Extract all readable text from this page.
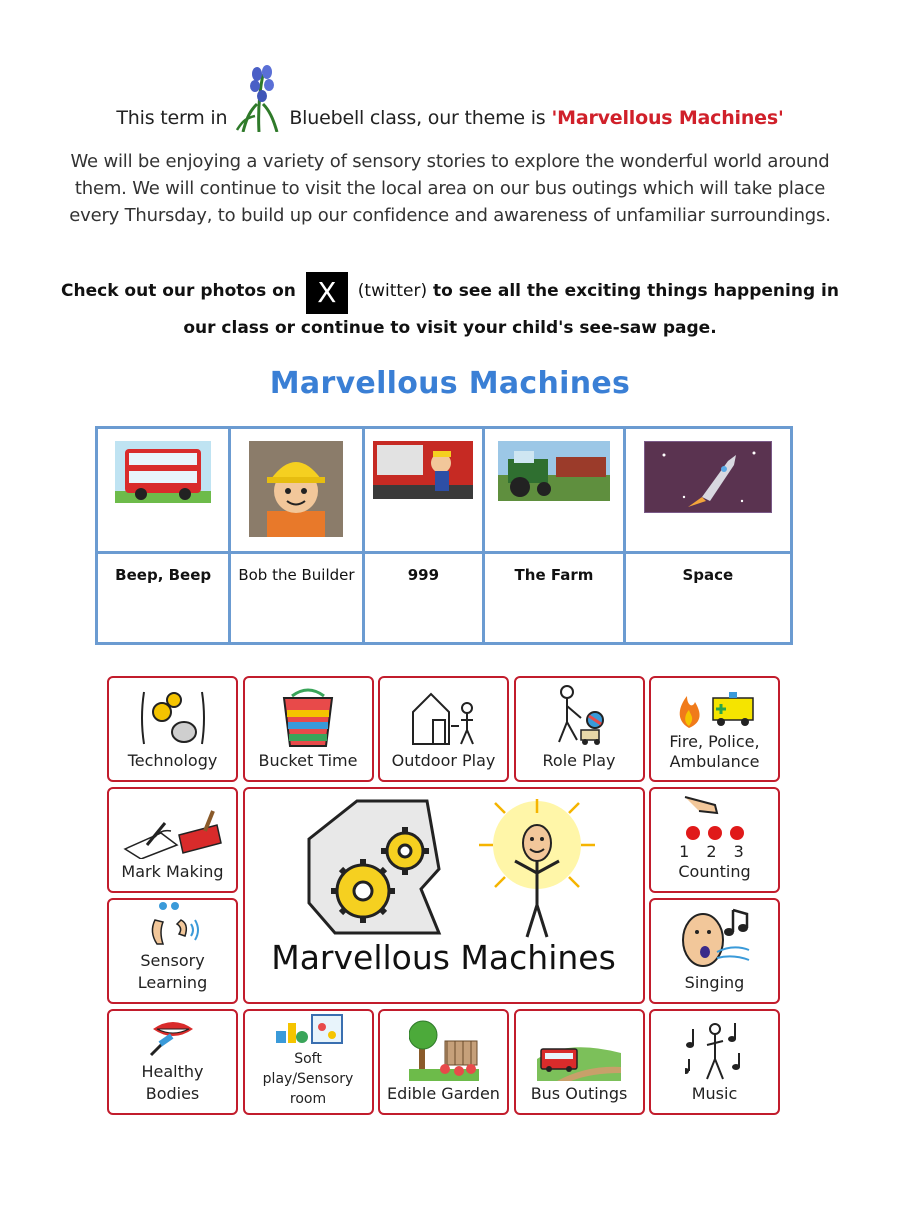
This term in	Bluebell class, our theme is 'Marvellous Machines'
We will be enjoying a variety of sensory stories to explore the wonderful world around them. We will continue to visit the local area on our bus outings which will take place every Thursday, to build up our confidence and awareness of unfamiliar surroundings.
Check out our photos on X (twitter) to see all the exciting things happening in our class or continue to visit your child's see-saw page.
Marvellous Machines

Beep, Beep	Bob the Builder	999	The Farm	Space
Technology	Bucket Time Outdoor Play	Role Play
Fire, Police,
Ambulance
Mark Making
Marvellous Machines
1 2 3
Counting
Sensory
Learning	Singing
Healthy
Bodies
Soft
play/Sensory
room	Edible Garden Bus Outings	Music
